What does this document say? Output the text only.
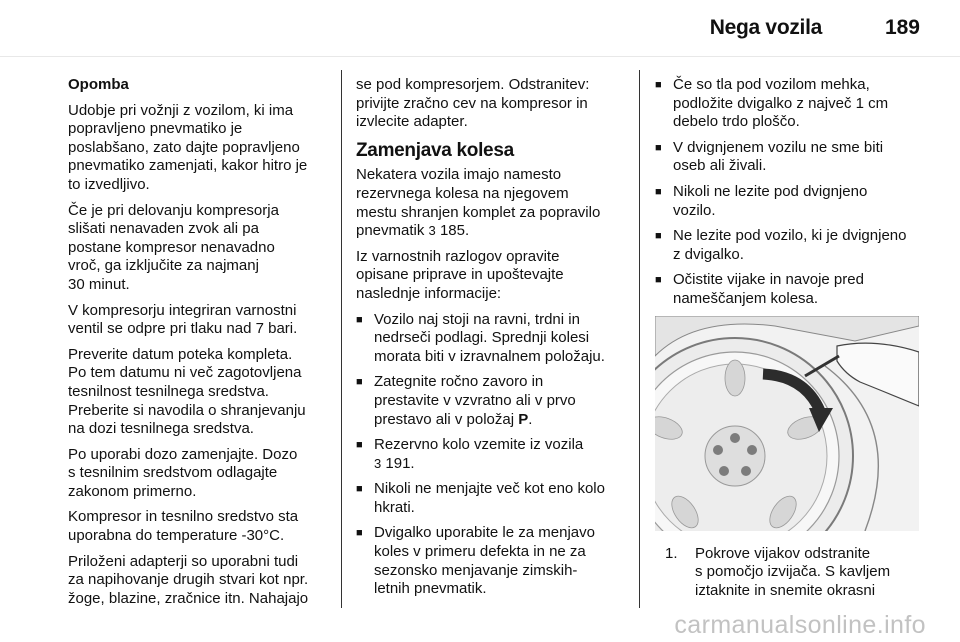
Nega vozila	189

Opomba

Udobje pri vožnji z vozilom, ki ima
popravljeno pnevmatiko je
poslabšano, zato dajte popravljeno
pnevmatiko zamenjati, kakor hitro je
to izvedljivo.

Če je pri delovanju kompresorja
slišati nenavaden zvok ali pa
postane kompresor nenavadno
vroč, ga izključite za najmanj
30 minut.

V kompresorju integriran varnostni
ventil se odpre pri tlaku nad 7 bari.

Preverite datum poteka kompleta.
Po tem datumu ni več zagotovljena
tesnilnost tesnilnega sredstva.
Preberite si navodila o shranjevanju
na dozi tesnilnega sredstva.

Po uporabi dozo zamenjajte. Dozo
s tesnilnim sredstvom odlagajte
zakonom primerno.

Kompresor in tesnilno sredstvo sta
uporabna do temperature -30°C.

Priloženi adapterji so uporabni tudi
za napihovanje drugih stvari kot npr.
žoge, blazine, zračnice itn. Nahajajo

se pod kompresorjem. Odstranitev:
privijte zračno cev na kompresor in
izvlecite adapter.

Zamenjava kolesa

Nekatera vozila imajo namesto
rezervnega kolesa na njegovem
mestu shranjen komplet za popravilo
pnevmatik 3 185.

Iz varnostnih razlogov opravite
opisane priprave in upoštevajte
naslednje informacije:

■ Vozilo naj stoji na ravni, trdni in
nedrseči podlagi. Sprednji kolesi
morata biti v izravnalnem položaju.
■ Zategnite ročno zavoro in
prestavite v vzvratno ali v prvo
prestavo ali v položaj P.
■ Rezervno kolo vzemite iz vozila
3 191.
■ Nikoli ne menjajte več kot eno kolo
hkrati.
■ Dvigalko uporabite le za menjavo
koles v primeru defekta in ne za
sezonsko menjavanje zimskih-
letnih pnevmatik.
■ Če so tla pod vozilom mehka,
podložite dvigalko z največ 1 cm
debelo trdo ploščo.
■ V dvignjenem vozilu ne sme biti
oseb ali živali.
■ Nikoli ne lezite pod dvignjeno
vozilo.
■ Ne lezite pod vozilo, ki je dvignjeno
z dvigalko.
■ Očistite vijake in navoje pred
nameščanjem kolesa.
1. Pokrove vijakov odstranite
s pomočjo izvijača. S kavljem
iztaknite in snemite okrasni
carmanualsonline.info
